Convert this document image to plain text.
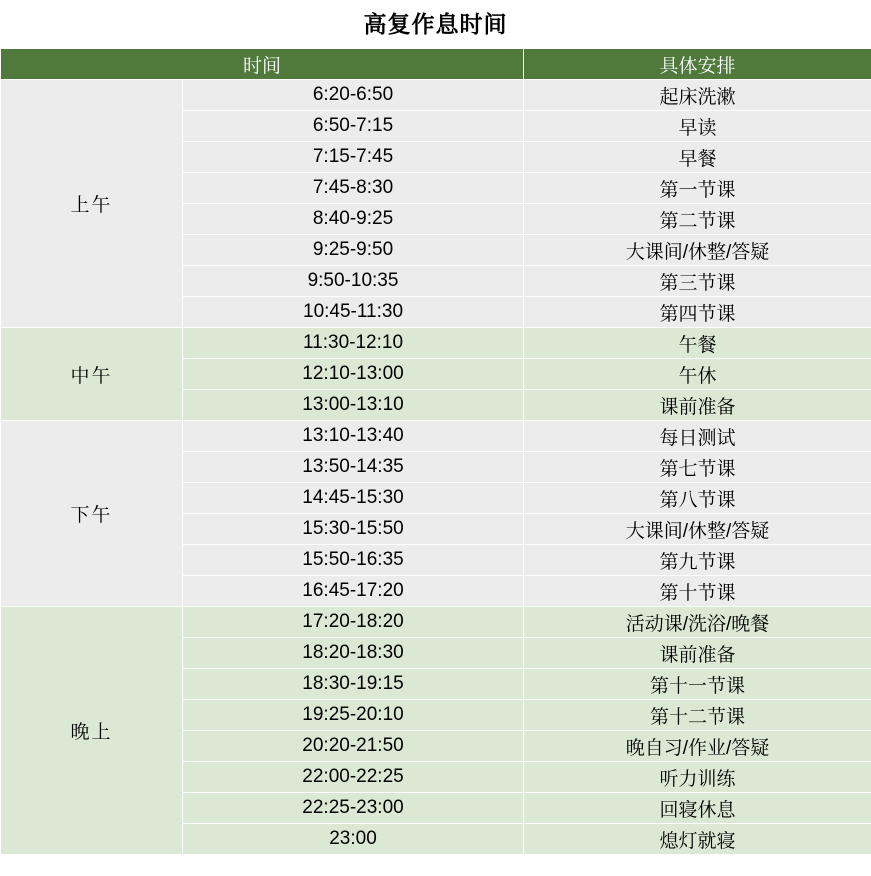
高复作息时间
时间		具体安排
上午	6:20-6:50	起床洗漱
	6:50-7:15	早读
	7:15-7:45	早餐
	7:45-8:30	第一节课
	8:40-9:25	第二节课
	9:25-9:50	大课间/休整/答疑
	9:50-10:35	第三节课
	10:45-11:30	第四节课
中午	11:30-12:10	午餐
	12:10-13:00	午休
	13:00-13:10	课前准备
下午	13:10-13:40	每日测试
	13:50-14:35	第七节课
	14:45-15:30	第八节课
	15:30-15:50	大课间/休整/答疑
	15:50-16:35	第九节课
	16:45-17:20	第十节课
晚上	17:20-18:20	活动课/洗浴/晚餐
	18:20-18:30	课前准备
	18:30-19:15	第十一节课
	19:25-20:10	第十二节课
	20:20-21:50	晚自习/作业/答疑
	22:00-22:25	听力训练
	22:25-23:00	回寝休息
	23:00	熄灯就寝
